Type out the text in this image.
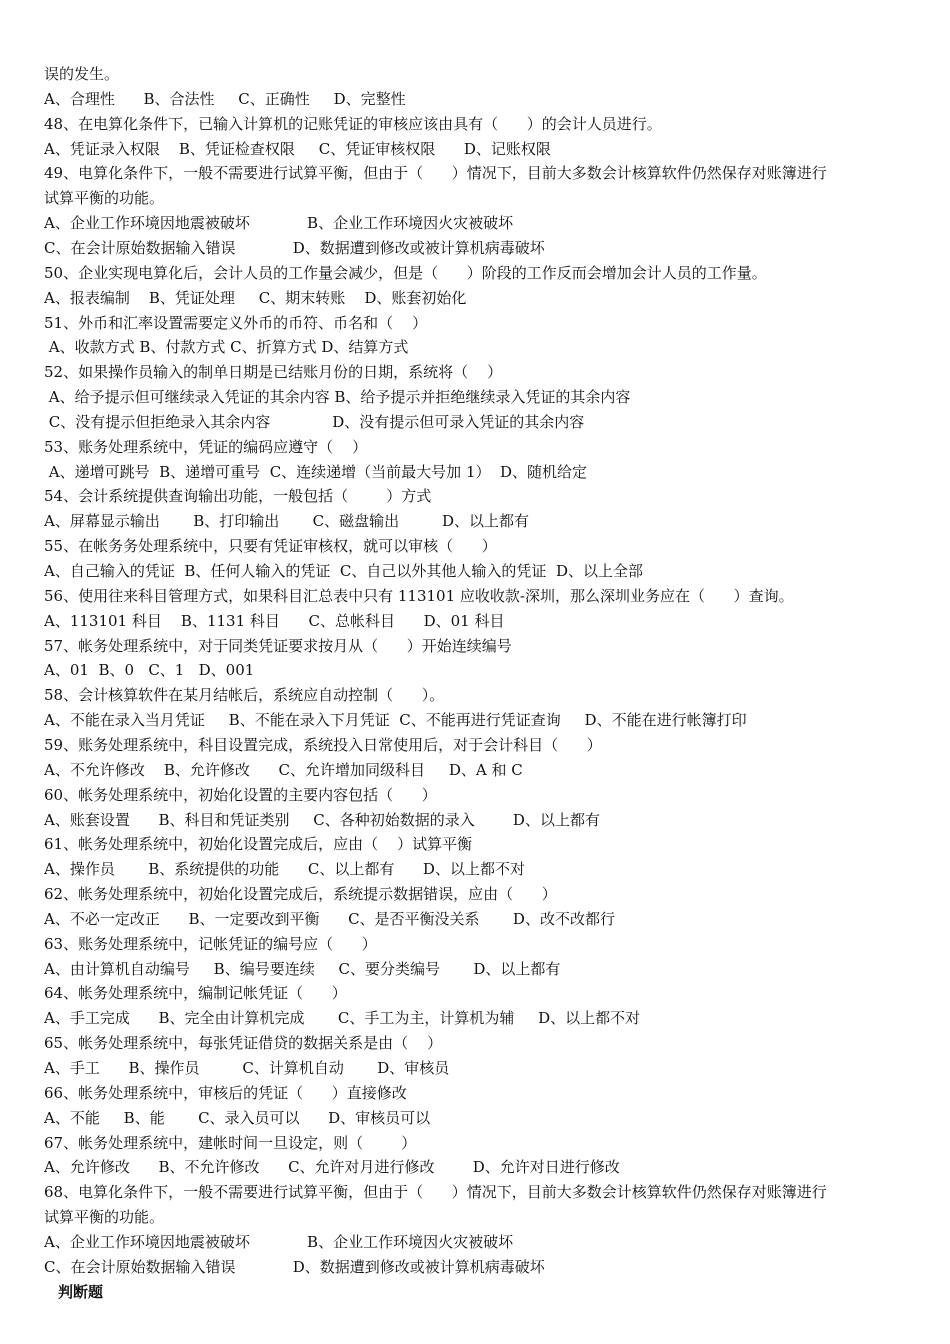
误的发生。
A、合理性      B、合法性     C、正确性     D、完整性
48、在电算化条件下，已输入计算机的记账凭证的审核应该由具有（      ）的会计人员进行。
A、凭证录入权限    B、凭证检查权限     C、凭证审核权限      D、记账权限
49、电算化条件下，一般不需要进行试算平衡，但由于（      ）情况下，目前大多数会计核算软件仍然保存对账簿进行
试算平衡的功能。
A、企业工作环境因地震被破坏            B、企业工作环境因火灾被破坏
C、在会计原始数据输入错误            D、数据遭到修改或被计算机病毒破坏
50、企业实现电算化后，会计人员的工作量会减少，但是（      ）阶段的工作反而会增加会计人员的工作量。
A、报表编制    B、凭证处理     C、期末转账    D、账套初始化
51、外币和汇率设置需要定义外币的币符、币名和（    ）
A、收款方式 B、付款方式 C、折算方式 D、结算方式
52、如果操作员输入的制单日期是已结账月份的日期，系统将（    ）
A、给予提示但可继续录入凭证的其余内容 B、给予提示并拒绝继续录入凭证的其余内容
C、没有提示但拒绝录入其余内容             D、没有提示但可录入凭证的其余内容
53、账务处理系统中，凭证的编码应遵守（    ）
A、递增可跳号  B、递增可重号  C、连续递增（当前最大号加 1）  D、随机给定
54、会计系统提供查询输出功能，一般包括（        ）方式
A、屏幕显示输出       B、打印输出       C、磁盘输出         D、以上都有
55、在帐务务处理系统中，只要有凭证审核权，就可以审核（      ）
A、自己输入的凭证  B、任何人输入的凭证  C、自己以外其他人输入的凭证  D、以上全部
56、使用往来科目管理方式，如果科目汇总表中只有 113101 应收收款-深圳，那么深圳业务应在（      ）查询。
A、113101 科目    B、1131 科目      C、总帐科目      D、01 科目
57、帐务处理系统中，对于同类凭证要求按月从（      ）开始连续编号
A、01  B、0   C、1   D、001
58、会计核算软件在某月结帐后，系统应自动控制（      ）。
A、不能在录入当月凭证     B、不能在录入下月凭证  C、不能再进行凭证查询     D、不能在进行帐簿打印
59、账务处理系统中，科目设置完成，系统投入日常使用后，对于会计科目（      ）
A、不允许修改    B、允许修改      C、允许增加同级科目     D、A 和 C
60、帐务处理系统中，初始化设置的主要内容包括（      ）
A、账套设置      B、科目和凭证类别     C、各种初始数据的录入        D、以上都有
61、帐务处理系统中，初始化设置完成后，应由（    ）试算平衡
A、操作员       B、系统提供的功能      C、以上都有      D、以上都不对
62、帐务处理系统中，初始化设置完成后，系统提示数据错误，应由（      ）
A、不必一定改正      B、一定要改到平衡      C、是否平衡没关系       D、改不改都行
63、账务处理系统中，记帐凭证的编号应（      ）
A、由计算机自动编号     B、编号要连续     C、要分类编号       D、以上都有
64、帐务处理系统中，编制记帐凭证（      ）
A、手工完成      B、完全由计算机完成       C、手工为主，计算机为辅     D、以上都不对
65、帐务处理系统中，每张凭证借贷的数据关系是由（    ）
A、手工      B、操作员         C、计算机自动       D、审核员
66、帐务处理系统中，审核后的凭证（      ）直接修改
A、不能     B、能       C、录入员可以      D、审核员可以
67、帐务处理系统中，建帐时间一旦设定，则（        ）
A、允许修改      B、不允许修改      C、允许对月进行修改        D、允许对日进行修改
68、电算化条件下，一般不需要进行试算平衡，但由于（      ）情况下，目前大多数会计核算软件仍然保存对账簿进行
试算平衡的功能。
A、企业工作环境因地震被破坏            B、企业工作环境因火灾被破坏
C、在会计原始数据输入错误            D、数据遭到修改或被计算机病毒破坏
判断题
